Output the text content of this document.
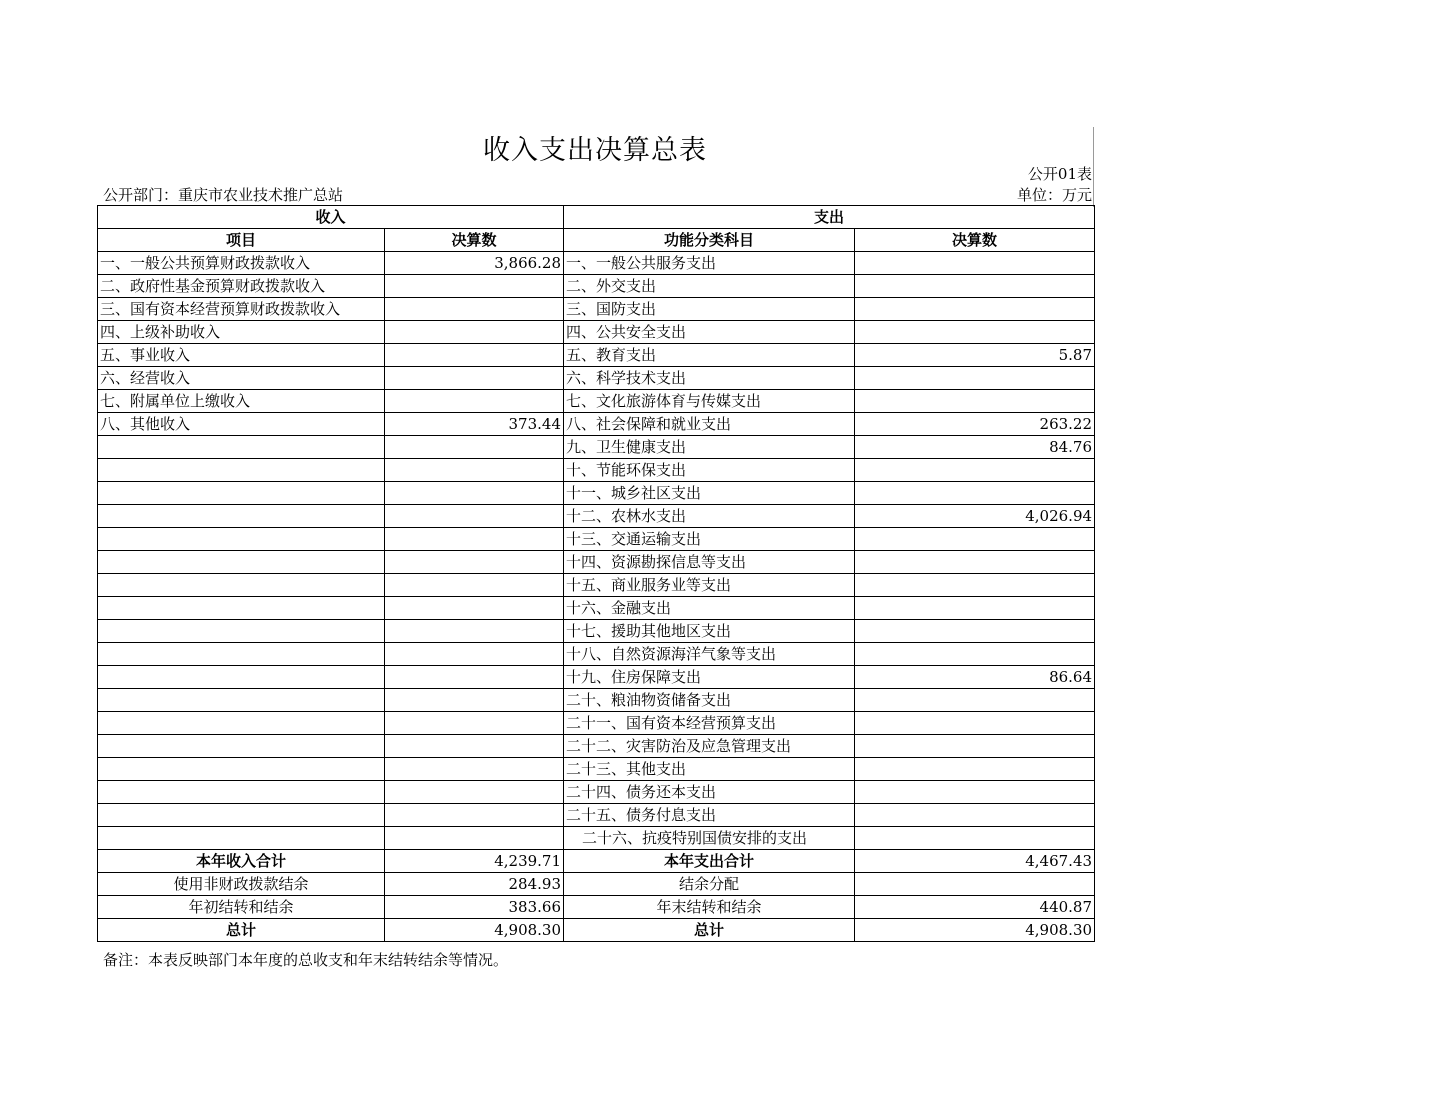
收入支出决算总表
公开01表
公开部门：重庆市农业技术推广总站	单位：万元
收入		支出	
项目	决算数	功能分类科目	决算数
一、一般公共预算财政拨款收入	3,866.28	一、一般公共服务支出	
二、政府性基金预算财政拨款收入		二、外交支出	
三、国有资本经营预算财政拨款收入		三、国防支出	
四、上级补助收入		四、公共安全支出	
五、事业收入		五、教育支出	5.87
六、经营收入		六、科学技术支出	
七、附属单位上缴收入		七、文化旅游体育与传媒支出	
八、其他收入	373.44	八、社会保障和就业支出	263.22
		九、卫生健康支出	84.76
		十、节能环保支出	
		十一、城乡社区支出	
		十二、农林水支出	4,026.94
		十三、交通运输支出	
		十四、资源勘探信息等支出	
		十五、商业服务业等支出	
		十六、金融支出	
		十七、援助其他地区支出	
		十八、自然资源海洋气象等支出	
		十九、住房保障支出	86.64
		二十、粮油物资储备支出	
		二十一、国有资本经营预算支出	
		二十二、灾害防治及应急管理支出	
		二十三、其他支出	
		二十四、债务还本支出	
		二十五、债务付息支出	
		二十六、抗疫特别国债安排的支出	
本年收入合计	4,239.71	本年支出合计	4,467.43
使用非财政拨款结余	284.93	结余分配	
年初结转和结余	383.66	年末结转和结余	440.87
总计	4,908.30	总计	4,908.30
备注：本表反映部门本年度的总收支和年末结转结余等情况。
